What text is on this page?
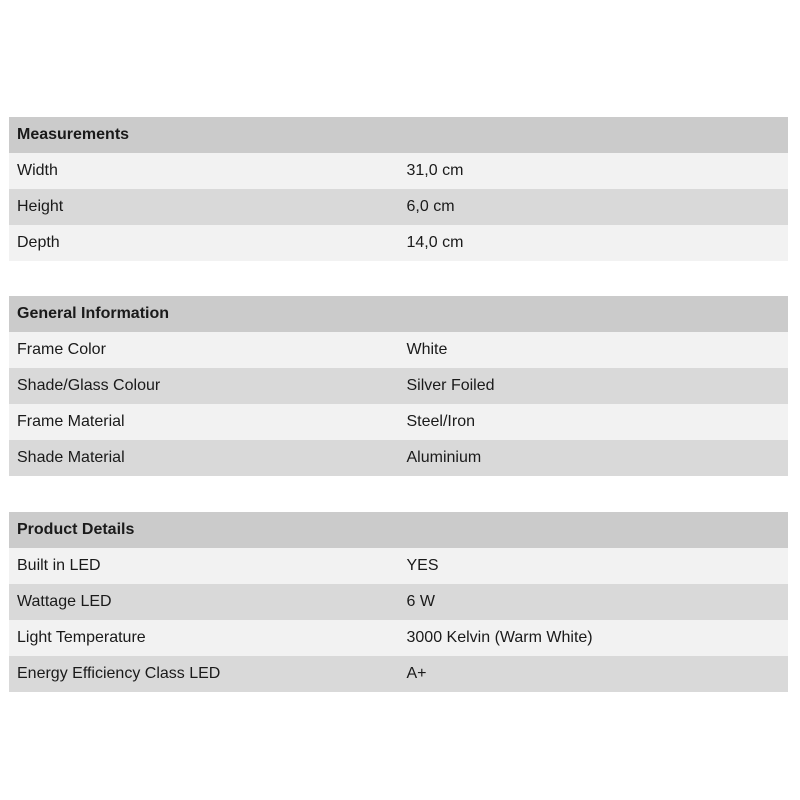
Measurements	
Width	31,0 cm
Height	6,0 cm
Depth	14,0 cm
General Information	
Frame Color	White
Shade/Glass Colour	Silver Foiled
Frame Material	Steel/Iron
Shade Material	Aluminium
Product Details	
Built in LED	YES
Wattage LED	6 W
Light Temperature	3000 Kelvin (Warm White)
Energy Efficiency Class LED	A+
